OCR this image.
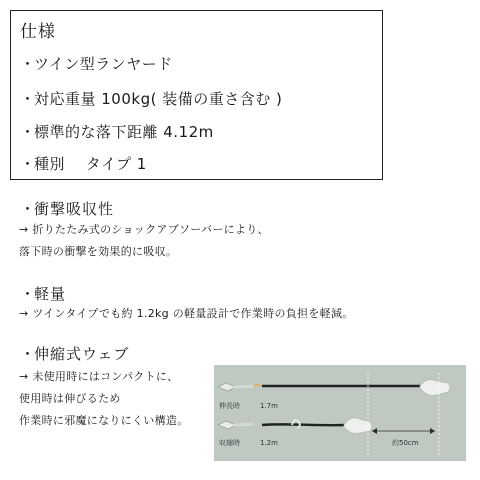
仕様
・ツイン型ランヤード
・対応重量 100kg( 装備の重さ含む )
・標準的な落下距離 4.12m
・種別　 タイプ 1
・衝撃吸収性
→ 折りたたみ式のショックアブソーバーにより、
落下時の衝撃を効果的に吸収。
・軽量
→ ツインタイプでも約 1.2kg の軽量設計で作業時の負担を軽減。
・伸縮式ウェブ
→ 未使用時にはコンパクトに、
使用時は伸びるため
作業時に邪魔になりにくい構造。
伸長時	1.7m
収縮時	1.2m	約50cm
